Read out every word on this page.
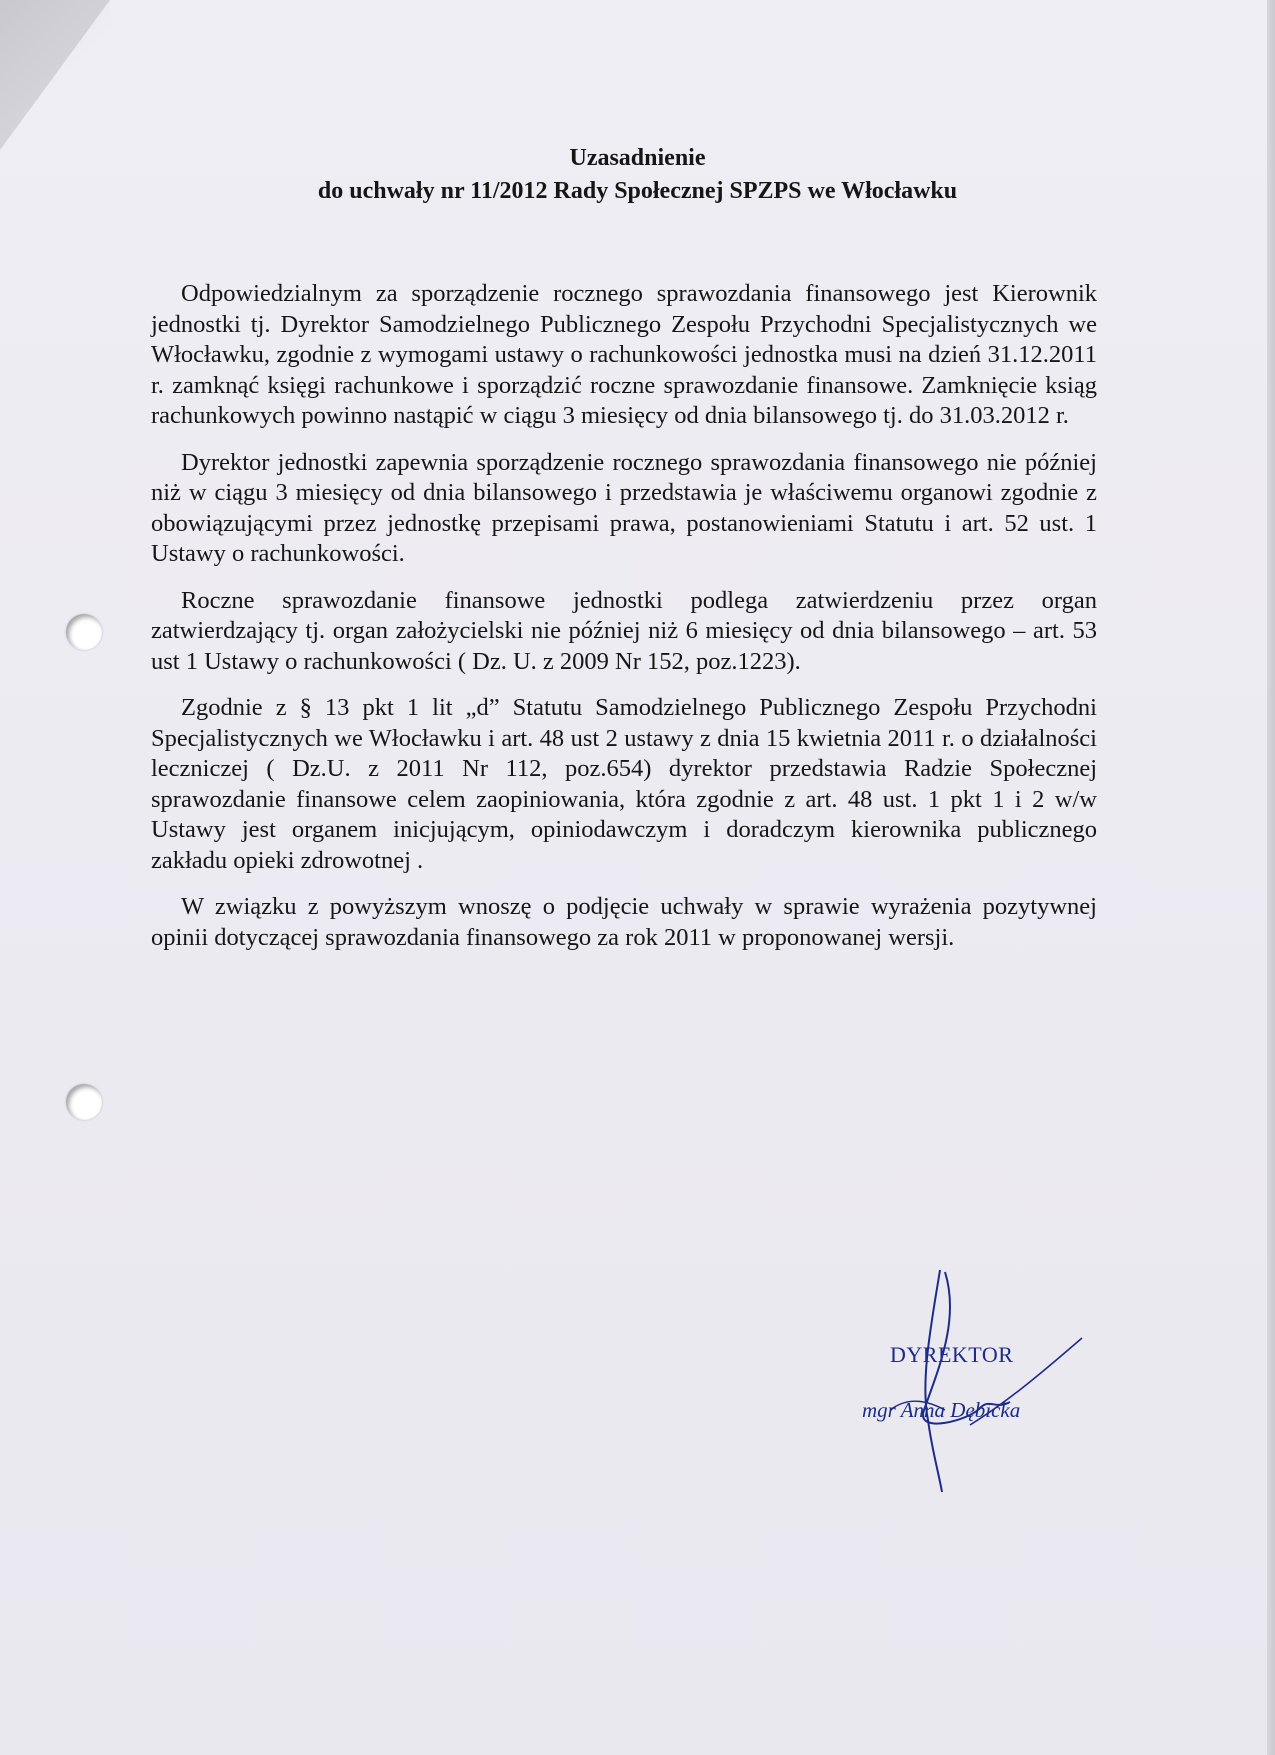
Uzasadnienie
do uchwały nr 11/2012 Rady Społecznej SPZPS we Włocławku

Odpowiedzialnym za sporządzenie rocznego sprawozdania finansowego jest Kierownik jednostki tj. Dyrektor Samodzielnego Publicznego Zespołu Przychodni Specjalistycznych we Włocławku, zgodnie z wymogami ustawy o rachunkowości jednostka musi na dzień 31.12.2011 r. zamknąć księgi rachunkowe i sporządzić roczne sprawozdanie finansowe. Zamknięcie ksiąg rachunkowych powinno nastąpić w ciągu 3 miesięcy od dnia bilansowego tj. do 31.03.2012 r.

Dyrektor jednostki zapewnia sporządzenie rocznego sprawozdania finansowego nie później niż w ciągu 3 miesięcy od dnia bilansowego i przedstawia je właściwemu organowi zgodnie z obowiązującymi przez jednostkę przepisami prawa, postanowieniami Statutu i art. 52 ust. 1 Ustawy o rachunkowości.

Roczne sprawozdanie finansowe jednostki podlega zatwierdzeniu przez organ zatwierdzający tj. organ założycielski nie później niż 6 miesięcy od dnia bilansowego – art. 53 ust 1 Ustawy o rachunkowości ( Dz. U. z 2009 Nr 152, poz.1223).

Zgodnie z § 13 pkt 1 lit „d” Statutu Samodzielnego Publicznego Zespołu Przychodni Specjalistycznych we Włocławku i art. 48 ust 2 ustawy z dnia 15 kwietnia 2011 r. o działalności leczniczej ( Dz.U. z 2011 Nr 112, poz.654) dyrektor przedstawia Radzie Społecznej sprawozdanie finansowe celem zaopiniowania, która zgodnie z art. 48 ust. 1 pkt 1 i 2 w/w Ustawy jest organem inicjującym, opiniodawczym i doradczym kierownika publicznego zakładu opieki zdrowotnej .

W związku z powyższym wnoszę o podjęcie uchwały w sprawie wyrażenia pozytywnej opinii dotyczącej sprawozdania finansowego za rok 2011 w proponowanej wersji.

DYREKTOR
mgr Anna Dębicka
